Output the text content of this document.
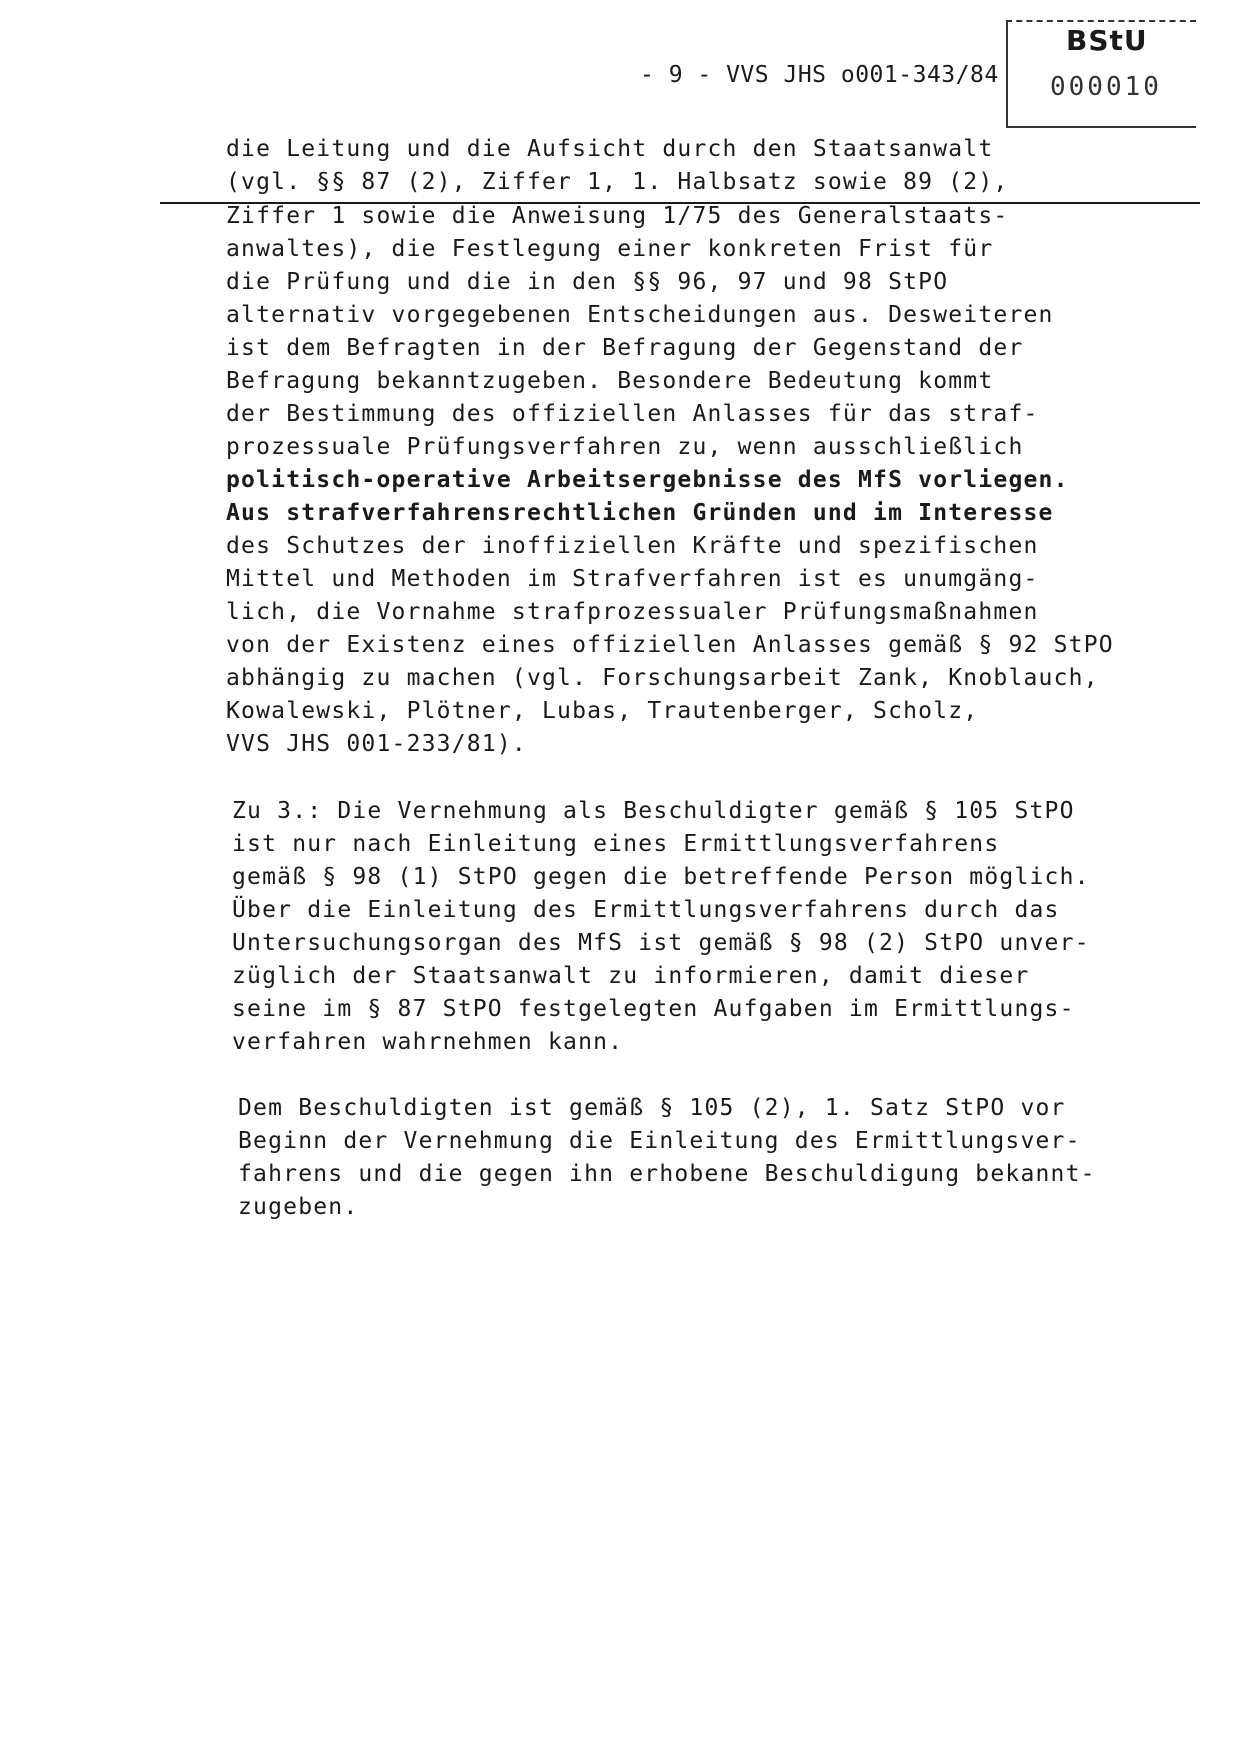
- 9 - VVS JHS o001-343/84
BStU
000010
die Leitung und die Aufsicht durch den Staatsanwalt
(vgl. §§ 87 (2), Ziffer 1, 1. Halbsatz sowie 89 (2),
Ziffer 1 sowie die Anweisung 1/75 des Generalstaats-
anwaltes), die Festlegung einer konkreten Frist für
die Prüfung und die in den §§ 96, 97 und 98 StPO
alternativ vorgegebenen Entscheidungen aus. Desweiteren
ist dem Befragten in der Befragung der Gegenstand der
Befragung bekanntzugeben. Besondere Bedeutung kommt
der Bestimmung des offiziellen Anlasses für das straf-
prozessuale Prüfungsverfahren zu, wenn ausschließlich
politisch-operative Arbeitsergebnisse des MfS vorliegen.
Aus strafverfahrensrechtlichen Gründen und im Interesse
des Schutzes der inoffiziellen Kräfte und spezifischen
Mittel und Methoden im Strafverfahren ist es unumgäng-
lich, die Vornahme strafprozessualer Prüfungsmaßnahmen
von der Existenz eines offiziellen Anlasses gemäß § 92 StPO
abhängig zu machen (vgl. Forschungsarbeit Zank, Knoblauch,
Kowalewski, Plötner, Lubas, Trautenberger, Scholz,
VVS JHS 001-233/81).
Zu 3.: Die Vernehmung als Beschuldigter gemäß § 105 StPO
ist nur nach Einleitung eines Ermittlungsverfahrens
gemäß § 98 (1) StPO gegen die betreffende Person möglich.
Über die Einleitung des Ermittlungsverfahrens durch das
Untersuchungsorgan des MfS ist gemäß § 98 (2) StPO unver-
züglich der Staatsanwalt zu informieren, damit dieser
seine im § 87 StPO festgelegten Aufgaben im Ermittlungs-
verfahren wahrnehmen kann.
Dem Beschuldigten ist gemäß § 105 (2), 1. Satz StPO vor
Beginn der Vernehmung die Einleitung des Ermittlungsver-
fahrens und die gegen ihn erhobene Beschuldigung bekannt-
zugeben.
